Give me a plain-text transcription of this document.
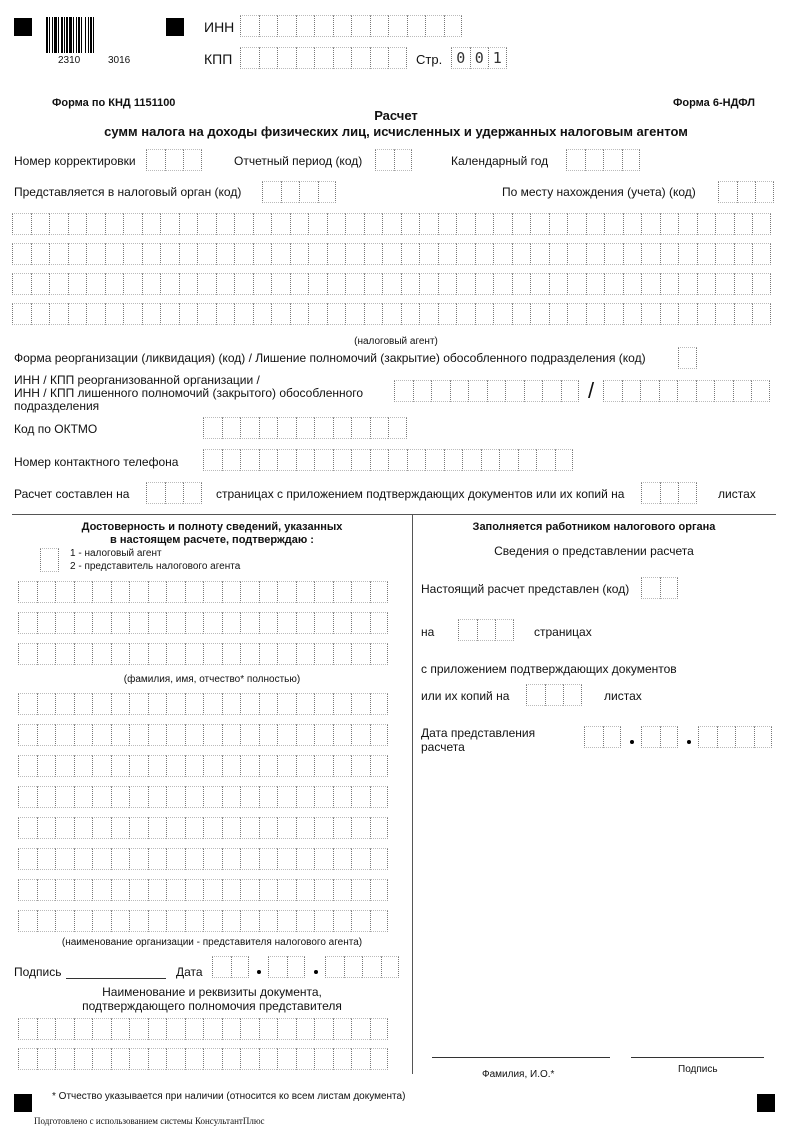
2310	3016
ИНН
КПП	Стр. 0 0 1
Форма по КНД 1151100	Форма 6-НДФЛ
Расчет
сумм налога на доходы физических лиц, исчисленных и удержанных налоговым агентом
Номер корректировки	Отчетный период (код)	Календарный год
Представляется в налоговый орган (код)	По месту нахождения (учета) (код)
(налоговый агент)
Форма реорганизации (ликвидация) (код) / Лишение полномочий (закрытие) обособленного подразделения (код)
ИНН / КПП реорганизованной организации /
ИНН / КПП лишенного полномочий (закрытого) обособленного
подразделения
/
Код по ОКТМО
Номер контактного телефона
Расчет составлен на	страницах с приложением подтверждающих документов или их копий на	листах
Достоверность и полноту сведений, указанных
в настоящем расчете, подтверждаю :
1 - налоговый агент
2 - представитель налогового агента
(фамилия, имя, отчество* полностью)
(наименование организации - представителя налогового агента)
Подпись	Дата
Наименование и реквизиты документа,
подтверждающего полномочия представителя
Заполняется работником налогового органа
Сведения о представлении расчета
Настоящий расчет представлен (код)
на	страницах
с приложением подтверждающих документов
или их копий на	листах
Дата представления
расчета
Фамилия, И.О.*	Подпись
* Отчество указывается при наличии (относится ко всем листам документа)
Подготовлено с использованием системы КонсультантПлюс
